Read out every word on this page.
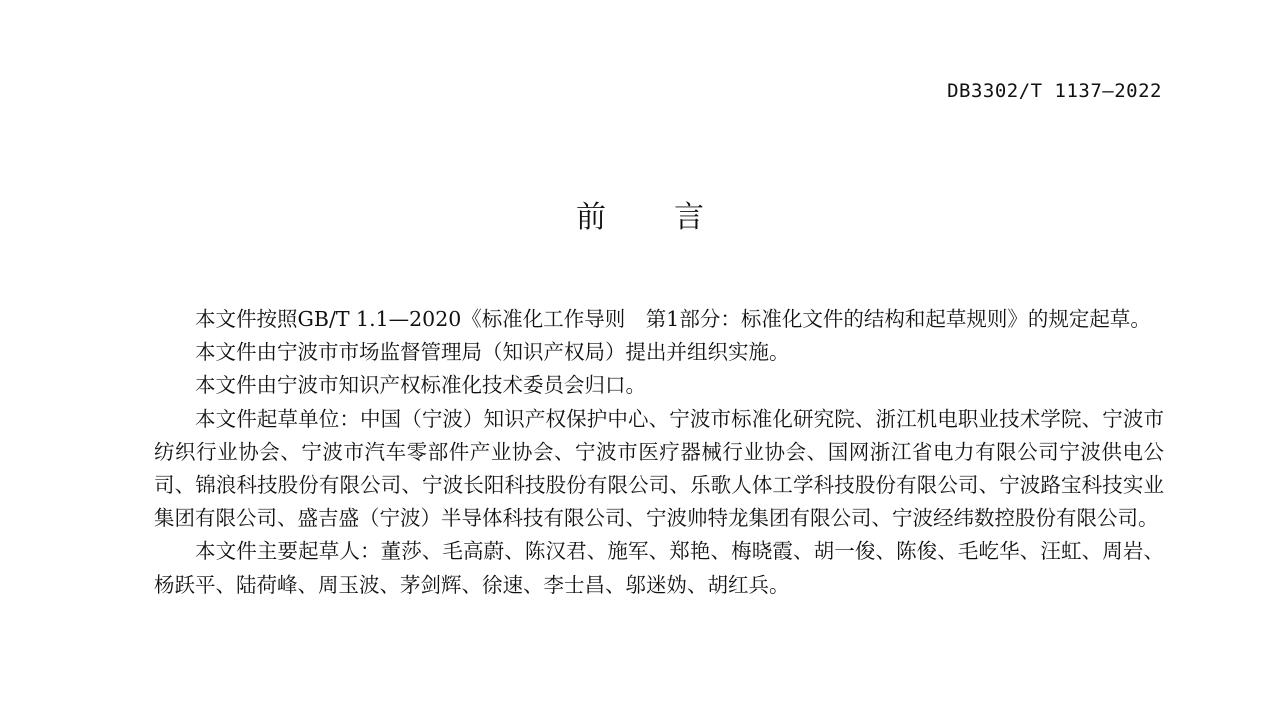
DB3302/T 1137—2022
前 言

本文件按照GB/T 1.1—2020《标准化工作导则　第1部分：标准化文件的结构和起草规则》的规定起草。

本文件由宁波市市场监督管理局（知识产权局）提出并组织实施。

本文件由宁波市知识产权标准化技术委员会归口。

本文件起草单位：中国（宁波）知识产权保护中心、宁波市标准化研究院、浙江机电职业技术学院、宁波市纺织行业协会、宁波市汽车零部件产业协会、宁波市医疗器械行业协会、国网浙江省电力有限公司宁波供电公司、锦浪科技股份有限公司、宁波长阳科技股份有限公司、乐歌人体工学科技股份有限公司、宁波路宝科技实业集团有限公司、盛吉盛（宁波）半导体科技有限公司、宁波帅特龙集团有限公司、宁波经纬数控股份有限公司。

本文件主要起草人：董莎、毛高蔚、陈汉君、施军、郑艳、梅晓霞、胡一俊、陈俊、毛屹华、汪虹、周岩、杨跃平、陆荷峰、周玉波、茅剑辉、徐速、李士昌、邬迷妫、胡红兵。
